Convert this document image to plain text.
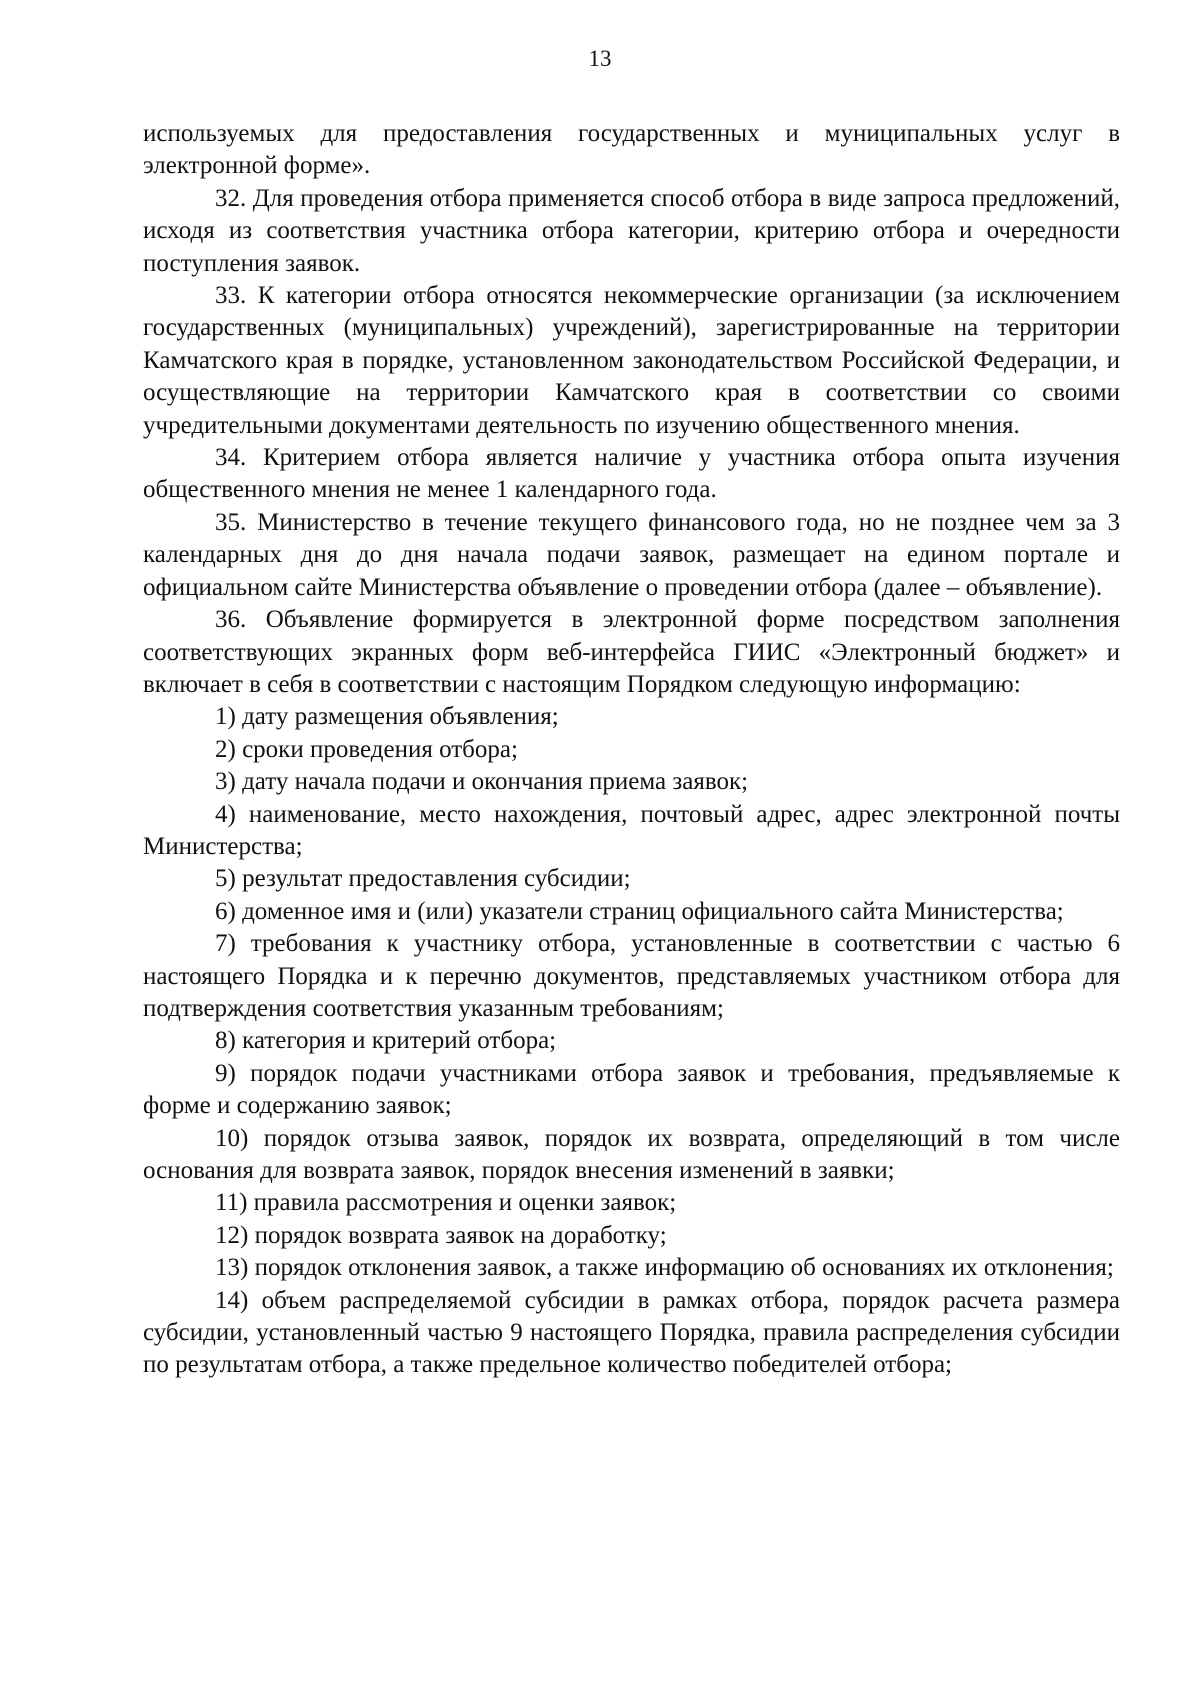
13

используемых для предоставления государственных и муниципальных услуг в электронной форме».

32. Для проведения отбора применяется способ отбора в виде запроса предложений, исходя из соответствия участника отбора категории, критерию отбора и очередности поступления заявок.

33. К категории отбора относятся некоммерческие организации (за исключением государственных (муниципальных) учреждений), зарегистрированные на территории Камчатского края в порядке, установленном законодательством Российской Федерации, и осуществляющие на территории Камчатского края в соответствии со своими учредительными документами деятельность по изучению общественного мнения.

34. Критерием отбора является наличие у участника отбора опыта изучения общественного мнения не менее 1 календарного года.

35. Министерство в течение текущего финансового года, но не позднее чем за 3 календарных дня до дня начала подачи заявок, размещает на едином портале и официальном сайте Министерства объявление о проведении отбора (далее – объявление).

36. Объявление формируется в электронной форме посредством заполнения соответствующих экранных форм веб-интерфейса ГИИС «Электронный бюджет» и включает в себя в соответствии с настоящим Порядком следующую информацию:

1) дату размещения объявления;

2) сроки проведения отбора;

3) дату начала подачи и окончания приема заявок;

4) наименование, место нахождения, почтовый адрес, адрес электронной почты Министерства;

5) результат предоставления субсидии;

6) доменное имя и (или) указатели страниц официального сайта Министерства;

7) требования к участнику отбора, установленные в соответствии с частью 6 настоящего Порядка и к перечню документов, представляемых участником отбора для подтверждения соответствия указанным требованиям;

8) категория и критерий отбора;

9) порядок подачи участниками отбора заявок и требования, предъявляемые к форме и содержанию заявок;

10) порядок отзыва заявок, порядок их возврата, определяющий в том числе основания для возврата заявок, порядок внесения изменений в заявки;

11) правила рассмотрения и оценки заявок;

12) порядок возврата заявок на доработку;

13) порядок отклонения заявок, а также информацию об основаниях их отклонения;

14) объем распределяемой субсидии в рамках отбора, порядок расчета размера субсидии, установленный частью 9 настоящего Порядка, правила распределения субсидии по результатам отбора, а также предельное количество победителей отбора;
